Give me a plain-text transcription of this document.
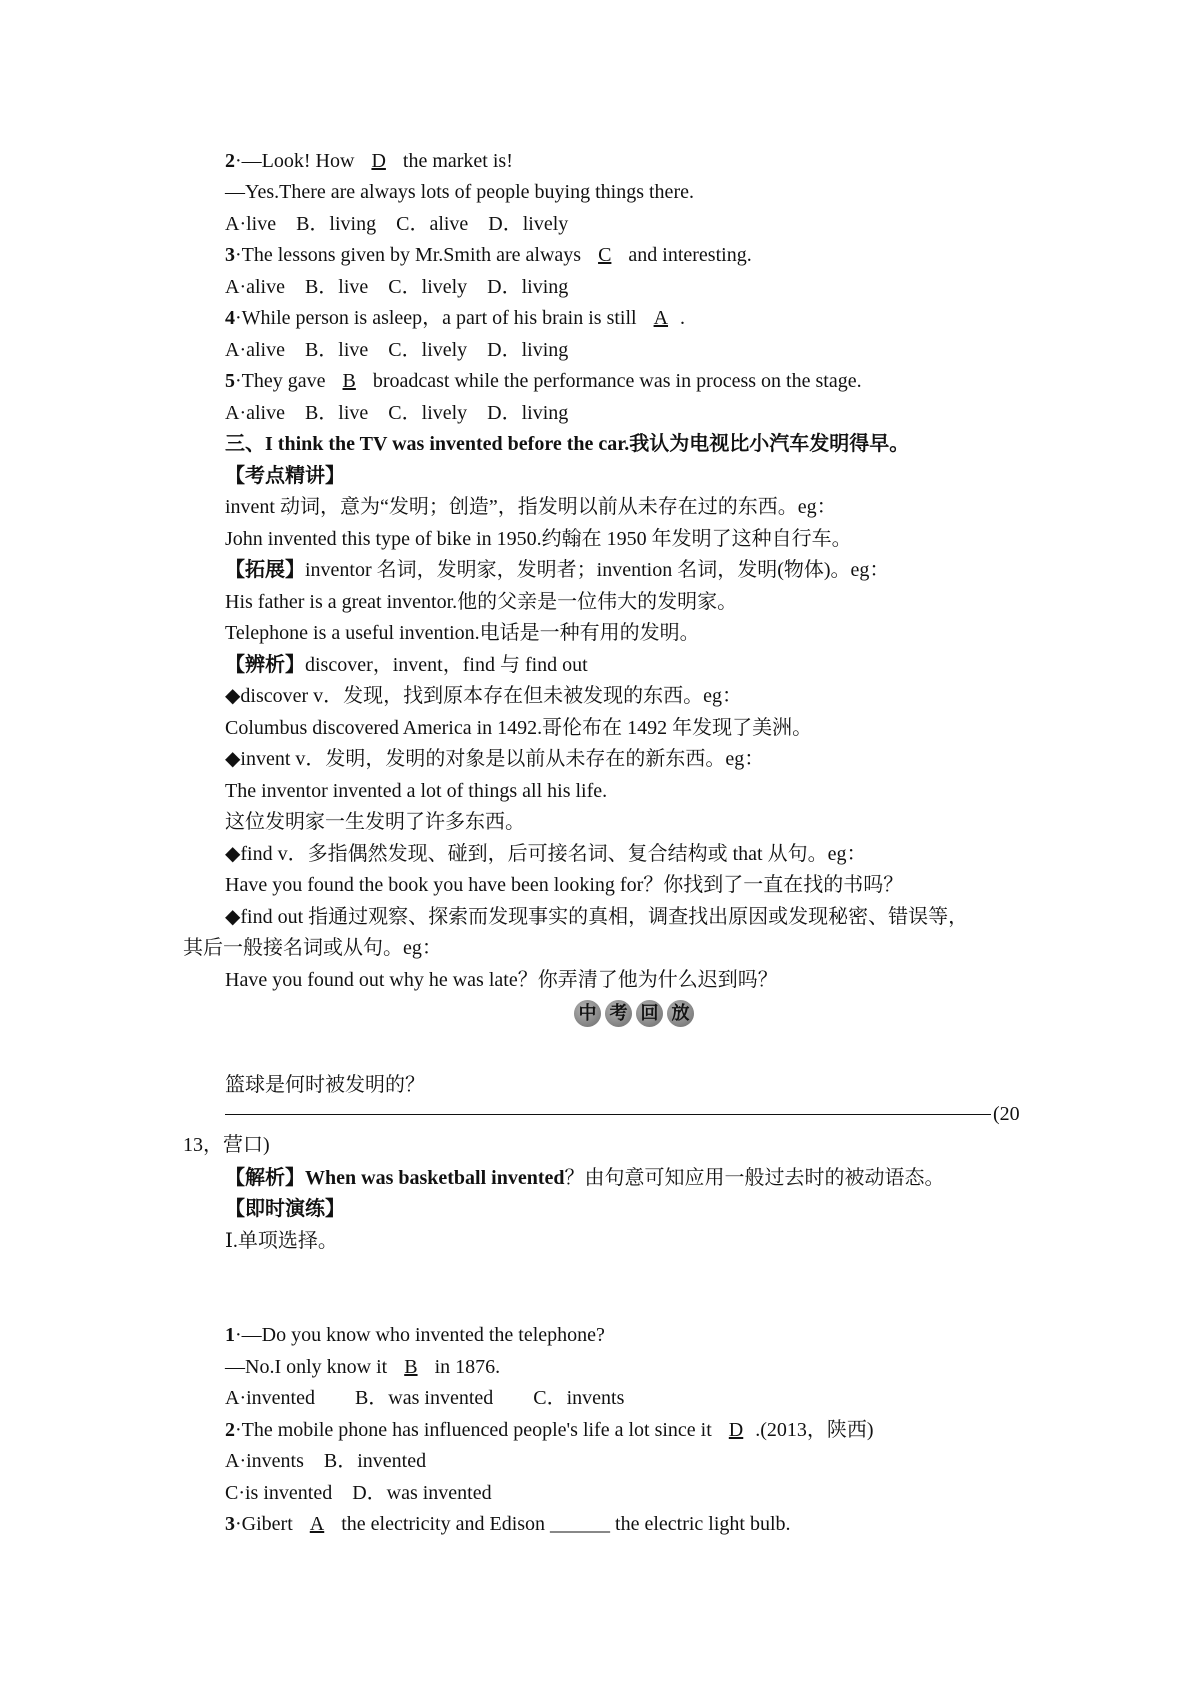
2·—Look! How D the market is!
—Yes.There are always lots of people buying things there.
A·live　B．living　C．alive　D．lively
3·The lessons given by Mr.Smith are always C and interesting.
A·alive　B．live　C．lively　D．living
4·While person is asleep，a part of his brain is still A .
A·alive　B．live　C．lively　D．living
5·They gave B broadcast while the performance was in process on the stage.
A·alive　B．live　C．lively　D．living
三、I think the TV was invented before the car.我认为电视比小汽车发明得早。
【考点精讲】
invent 动词，意为“发明；创造”，指发明以前从未存在过的东西。eg：
John invented this type of bike in 1950.约翰在 1950 年发明了这种自行车。
【拓展】inventor 名词，发明家，发明者；invention 名词，发明(物体)。eg：
His father is a great inventor.他的父亲是一位伟大的发明家。
Telephone is a useful invention.电话是一种有用的发明。
【辨析】discover，invent，find 与 find out
◆discover v．发现，找到原本存在但未被发现的东西。eg：
Columbus discovered America in 1492.哥伦布在 1492 年发现了美洲。
◆invent v．发明，发明的对象是以前从未存在的新东西。eg：
The inventor invented a lot of things all his life.
这位发明家一生发明了许多东西。
◆find v．多指偶然发现、碰到，后可接名词、复合结构或 that 从句。eg：
Have you found the book you have been looking for？你找到了一直在找的书吗？
◆find out 指通过观察、探索而发现事实的真相，调查找出原因或发现秘密、错误等，
其后一般接名词或从句。eg：
Have you found out why he was late？你弄清了他为什么迟到吗？
篮球是何时被发明的？
13，营口)
【解析】When was basketball invented？由句意可知应用一般过去时的被动语态。
【即时演练】
Ⅰ.单项选择。
1·—Do you know who invented the telephone?
—No.I only know it B in 1876.
A·invented　　B．was invented　　C．invents
2·The mobile phone has influenced people's life a lot since it D .(2013，陕西)
A·invents　B．invented
C·is invented　D．was invented
3·Gibert A the electricity and Edison ______ the electric light bulb.
(20
中 考 回 放
